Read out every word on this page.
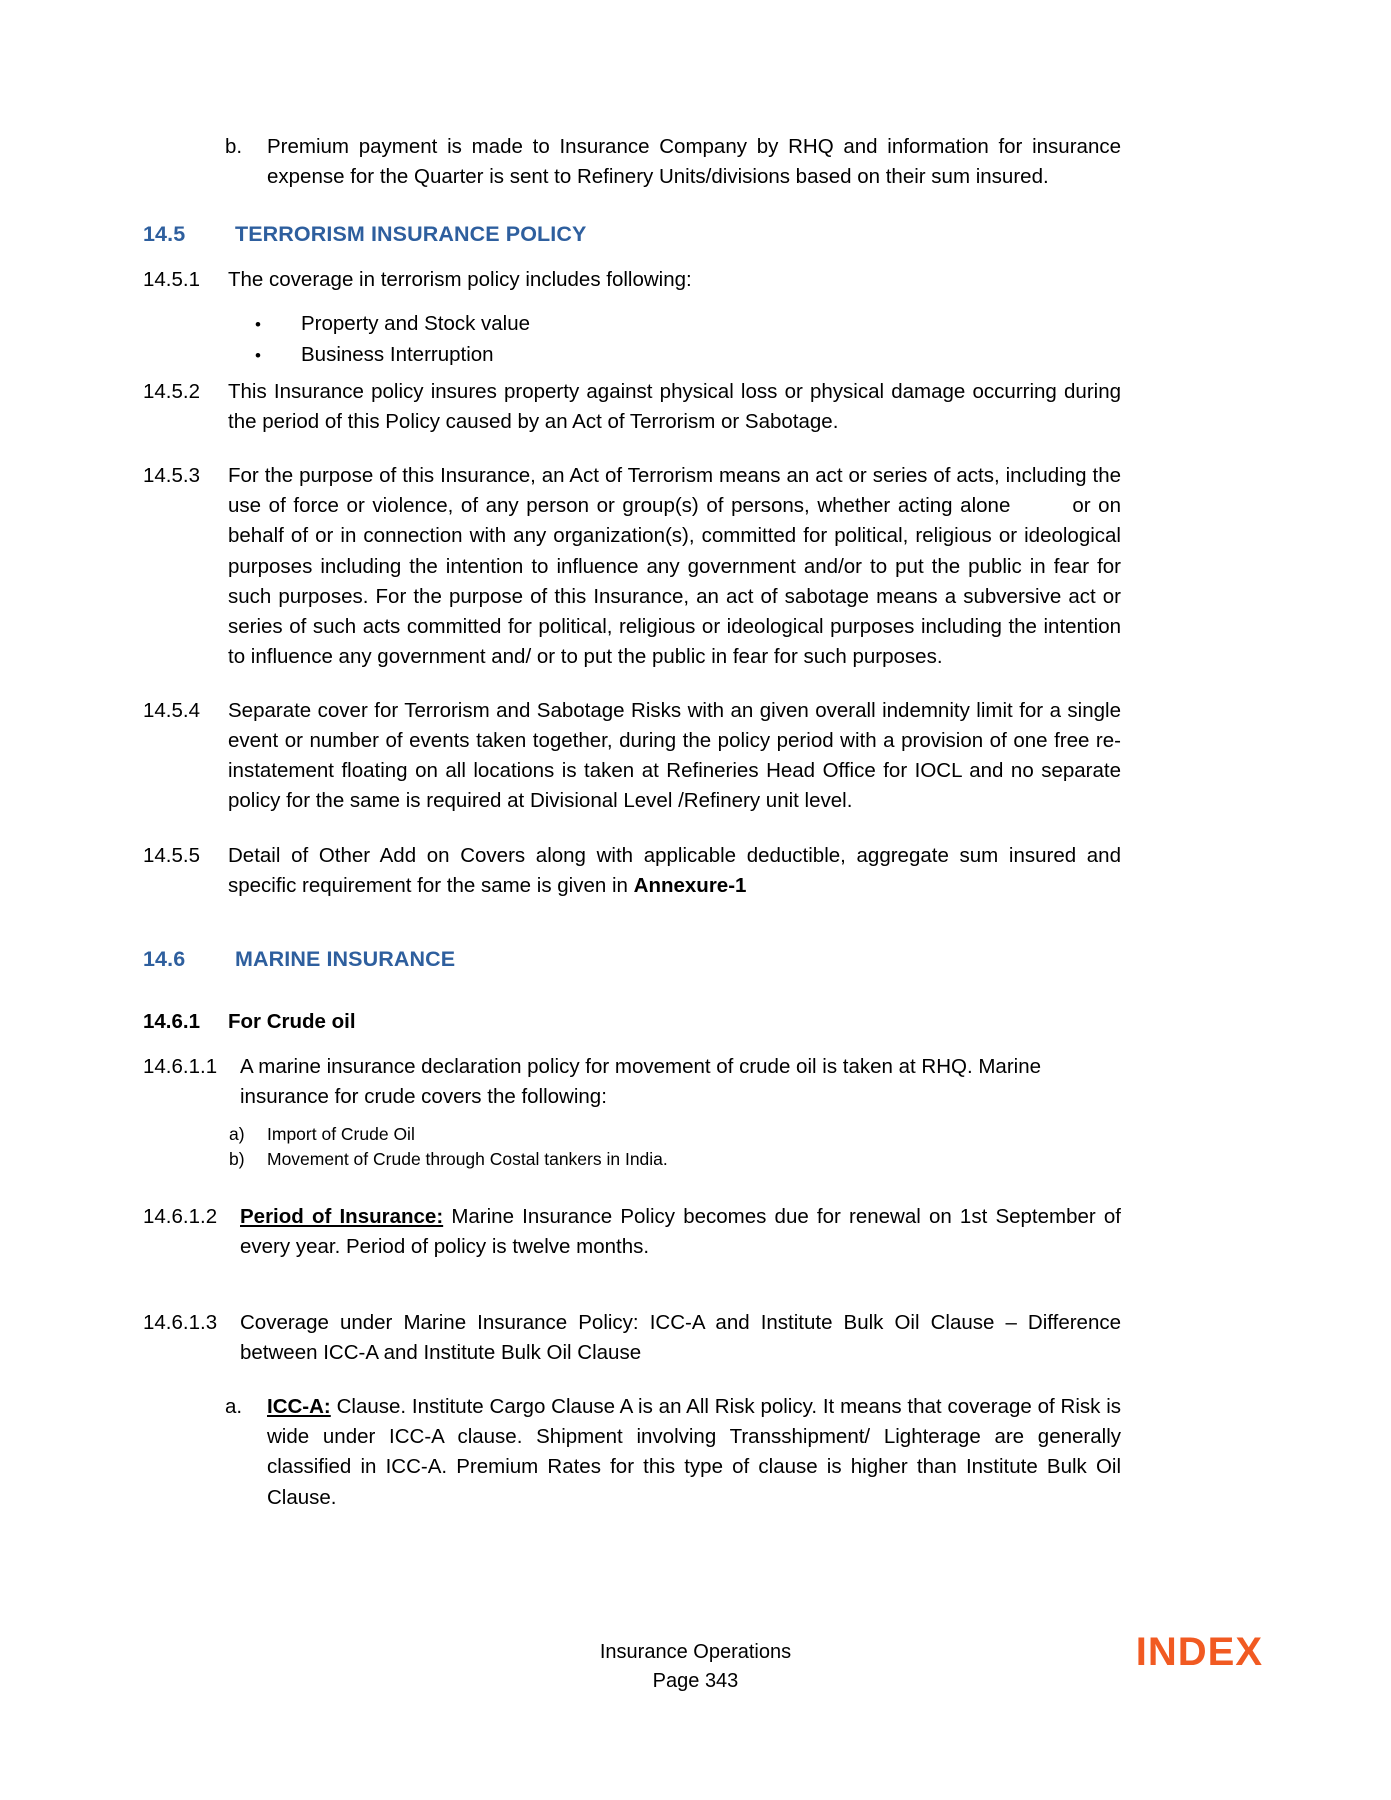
b.	Premium payment is made to Insurance Company by RHQ and information for insurance expense for the Quarter is sent to Refinery Units/divisions based on their sum insured.
14.5	TERRORISM INSURANCE POLICY
14.5.1	The coverage in terrorism policy includes following:
•	Property and Stock value
•	Business Interruption
14.5.2	This Insurance policy insures property against physical loss or physical damage occurring during the period of this Policy caused by an Act of Terrorism or Sabotage.
14.5.3	For the purpose of this Insurance, an Act of Terrorism means an act or series of acts, including the use of force or violence, of any person or group(s) of persons, whether acting alone	or on behalf of or in connection with any organization(s), committed for political, religious or ideological purposes including the intention to influence any government and/or to put the public in fear for such purposes. For the purpose of this Insurance, an act of sabotage means a subversive act or series of such acts committed for political, religious or ideological purposes including the intention to influence any government and/ or to put the public in fear for such purposes.
14.5.4	Separate cover for Terrorism and Sabotage Risks with an given overall indemnity limit for a single event or number of events taken together, during the policy period with a provision of one free re-instatement floating on all locations is taken at Refineries Head Office for IOCL and no separate policy for the same is required at Divisional Level /Refinery unit level.
14.5.5	Detail of Other Add on Covers along with applicable deductible, aggregate sum insured and specific requirement for the same is given in Annexure-1
14.6	MARINE INSURANCE
14.6.1	For Crude oil
14.6.1.1	A marine insurance declaration policy for movement of crude oil is taken at RHQ. Marine insurance for crude covers the following:
a)	Import of Crude Oil
b)	Movement of Crude through Costal tankers in India.
14.6.1.2	Period of Insurance: Marine Insurance Policy becomes due for renewal on 1st September of every year. Period of policy is twelve months.
14.6.1.3	Coverage under Marine Insurance Policy: ICC-A and Institute Bulk Oil Clause – Difference between ICC-A and Institute Bulk Oil Clause
a.	ICC-A: Clause. Institute Cargo Clause A is an All Risk policy. It means that coverage of Risk is wide under ICC-A clause. Shipment involving Transshipment/ Lighterage are generally classified in ICC-A. Premium Rates for this type of clause is higher than Institute Bulk Oil Clause.
Insurance Operations
Page 343
INDEX
